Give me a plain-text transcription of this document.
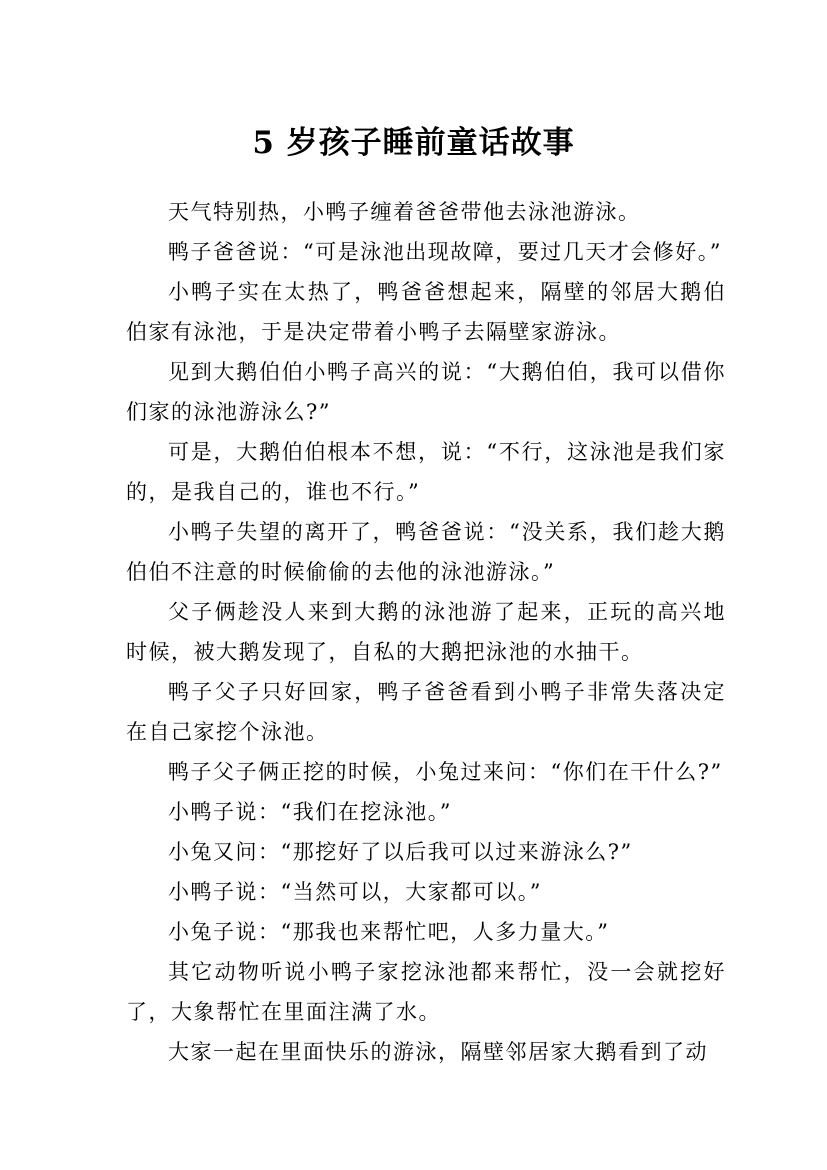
5 岁孩子睡前童话故事

天气特别热，小鸭子缠着爸爸带他去泳池游泳。

鸭子爸爸说：“可是泳池出现故障，要过几天才会修好。”

小鸭子实在太热了，鸭爸爸想起来，隔壁的邻居大鹅伯伯家有泳池，于是决定带着小鸭子去隔壁家游泳。

见到大鹅伯伯小鸭子高兴的说：“大鹅伯伯，我可以借你们家的泳池游泳么?”

可是，大鹅伯伯根本不想，说：“不行，这泳池是我们家的，是我自己的，谁也不行。”

小鸭子失望的离开了，鸭爸爸说：“没关系，我们趁大鹅伯伯不注意的时候偷偷的去他的泳池游泳。”

父子俩趁没人来到大鹅的泳池游了起来，正玩的高兴地时候，被大鹅发现了，自私的大鹅把泳池的水抽干。

鸭子父子只好回家，鸭子爸爸看到小鸭子非常失落决定在自己家挖个泳池。

鸭子父子俩正挖的时候，小兔过来问：“你们在干什么?”

小鸭子说：“我们在挖泳池。”

小兔又问：“那挖好了以后我可以过来游泳么?”

小鸭子说：“当然可以，大家都可以。”

小兔子说：“那我也来帮忙吧，人多力量大。”

其它动物听说小鸭子家挖泳池都来帮忙，没一会就挖好了，大象帮忙在里面注满了水。

大家一起在里面快乐的游泳，隔壁邻居家大鹅看到了动
